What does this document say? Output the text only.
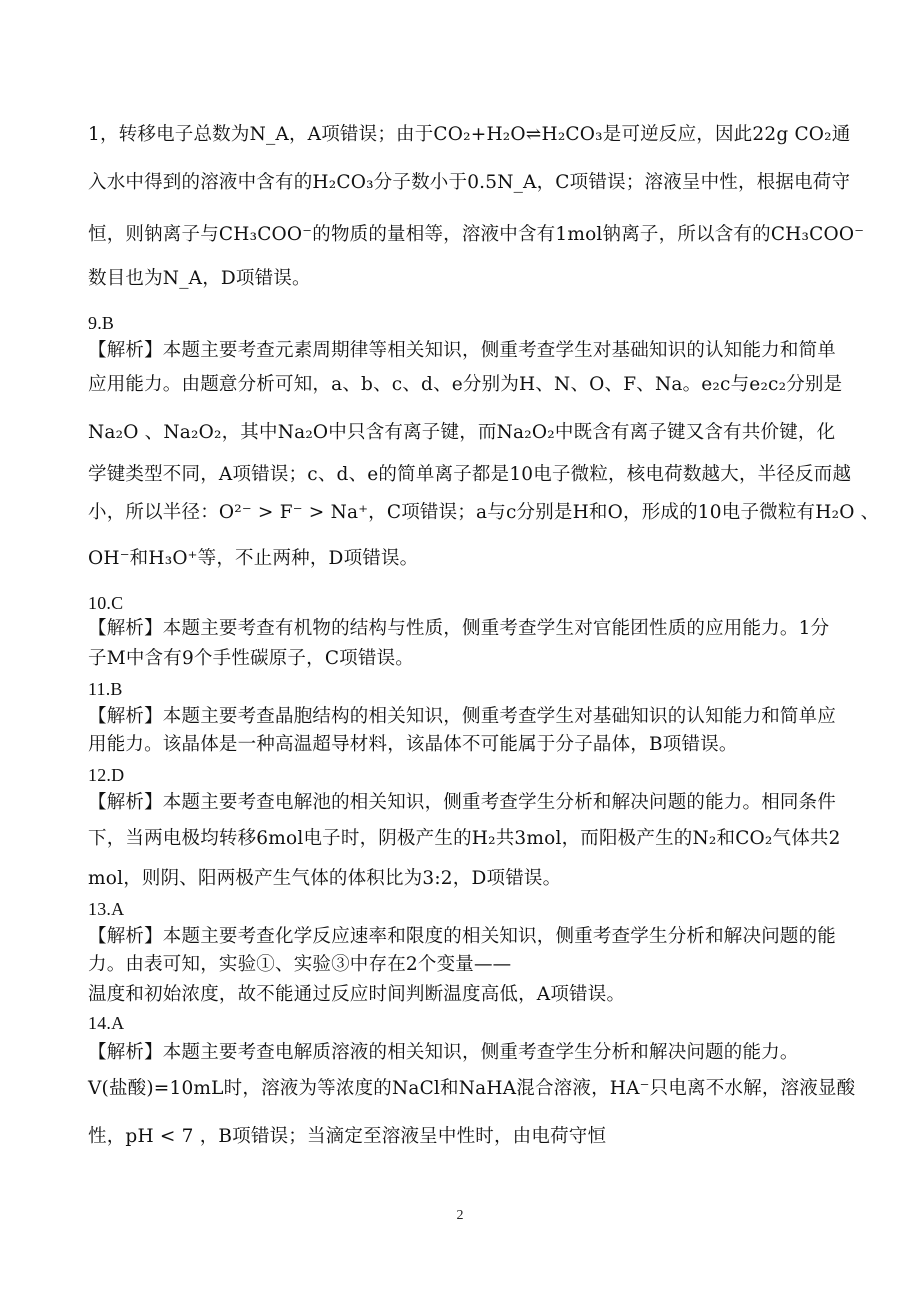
1，转移电子总数为N_A，A项错误；由于CO₂+H₂O⇌H₂CO₃是可逆反应，因此22g CO₂通
入水中得到的溶液中含有的H₂CO₃分子数小于0.5N_A，C项错误；溶液呈中性，根据电荷守
恒，则钠离子与CH₃COO⁻的物质的量相等，溶液中含有1mol钠离子，所以含有的CH₃COO⁻
数目也为N_A，D项错误。
9.B
【解析】本题主要考查元素周期律等相关知识，侧重考查学生对基础知识的认知能力和简单
应用能力。由题意分析可知，a、b、c、d、e分别为H、N、O、F、Na。e₂c与e₂c₂分别是
Na₂O 、Na₂O₂，其中Na₂O中只含有离子键，而Na₂O₂中既含有离子键又含有共价键，化
学键类型不同，A项错误；c、d、e的简单离子都是10电子微粒，核电荷数越大，半径反而越
小，所以半径：O²⁻ > F⁻ > Na⁺，C项错误；a与c分别是H和O，形成的10电子微粒有H₂O 、
OH⁻和H₃O⁺等，不止两种，D项错误。
10.C
【解析】本题主要考查有机物的结构与性质，侧重考查学生对官能团性质的应用能力。1分
子M中含有9个手性碳原子，C项错误。
11.B
【解析】本题主要考查晶胞结构的相关知识，侧重考查学生对基础知识的认知能力和简单应
用能力。该晶体是一种高温超导材料，该晶体不可能属于分子晶体，B项错误。
12.D
【解析】本题主要考查电解池的相关知识，侧重考查学生分析和解决问题的能力。相同条件
下，当两电极均转移6mol电子时，阴极产生的H₂共3mol，而阳极产生的N₂和CO₂气体共2
mol，则阴、阳两极产生气体的体积比为3:2，D项错误。
13.A
【解析】本题主要考查化学反应速率和限度的相关知识，侧重考查学生分析和解决问题的能
力。由表可知，实验①、实验③中存在2个变量——
温度和初始浓度，故不能通过反应时间判断温度高低，A项错误。
14.A
【解析】本题主要考查电解质溶液的相关知识，侧重考查学生分析和解决问题的能力。
V(盐酸)=10mL时，溶液为等浓度的NaCl和NaHA混合溶液，HA⁻只电离不水解，溶液显酸
性，pH < 7 ，B项错误；当滴定至溶液呈中性时，由电荷守恒
2
